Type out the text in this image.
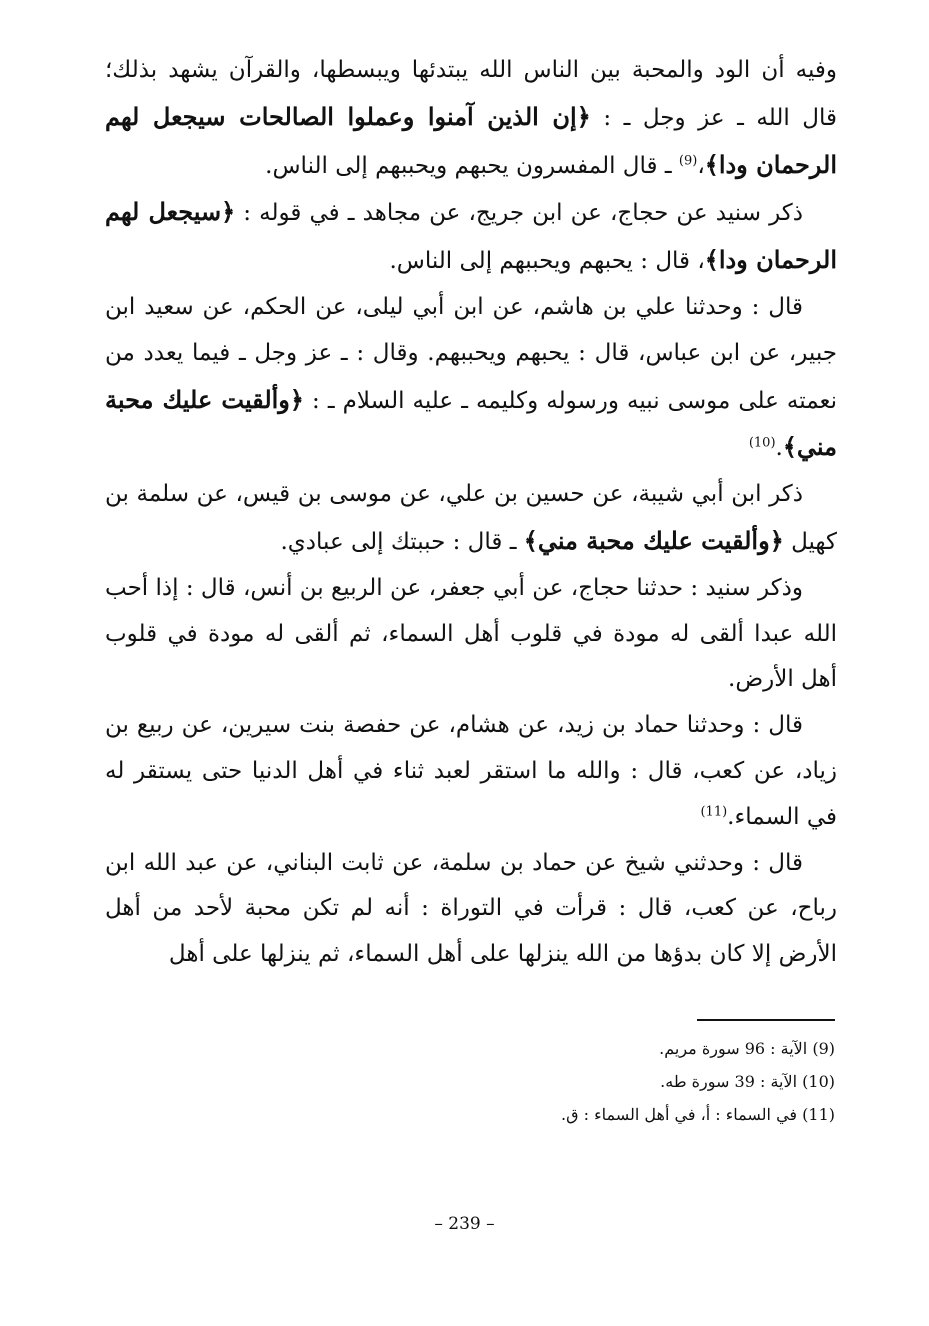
وفيه أن الود والمحبة بين الناس الله يبتدئها ويبسطها، والقرآن يشهد بذلك؛ قال الله ـ عز وجل ـ : ﴿إن الذين آمنوا وعملوا الصالحات سيجعل لهم الرحمان ودا﴾،$^{(9)}$ ـ قال المفسرون يحبهم ويحببهم إلى الناس.

ذكر سنيد عن حجاج، عن ابن جريج، عن مجاهد ـ في قوله : ﴿سيجعل لهم الرحمان ودا﴾، قال : يحبهم ويحببهم إلى الناس.

قال : وحدثنا علي بن هاشم، عن ابن أبي ليلى، عن الحكم، عن سعيد ابن جبير، عن ابن عباس، قال : يحبهم ويحببهم. وقال : ـ عز وجل ـ فيما يعدد من نعمته على موسى نبيه ورسوله وكليمه ـ عليه السلام ـ : ﴿وألقيت عليك محبة مني﴾.$^{(10)}$

ذكر ابن أبي شيبة، عن حسين بن علي، عن موسى بن قيس، عن سلمة بن كهيل ﴿وألقيت عليك محبة مني﴾ ـ قال : حببتك إلى عبادي.

وذكر سنيد : حدثنا حجاج، عن أبي جعفر، عن الربيع بن أنس، قال : إذا أحب الله عبدا ألقى له مودة في قلوب أهل السماء، ثم ألقى له مودة في قلوب أهل الأرض.

قال : وحدثنا حماد بن زيد، عن هشام، عن حفصة بنت سيرين، عن ربيع بن زياد، عن كعب، قال : والله ما استقر لعبد ثناء في أهل الدنيا حتى يستقر له في السماء.$^{(11)}$

قال : وحدثني شيخ عن حماد بن سلمة، عن ثابت البناني، عن عبد الله ابن رباح، عن كعب، قال : قرأت في التوراة : أنه لم تكن محبة لأحد من أهل الأرض إلا كان بدؤها من الله ينزلها على أهل السماء، ثم ينزلها على أهل

(9) الآية : 96 سورة مريم.

(10) الآية : 39 سورة طه.

(11) في السماء : أ، في أهل السماء : ق.

– 239 –
